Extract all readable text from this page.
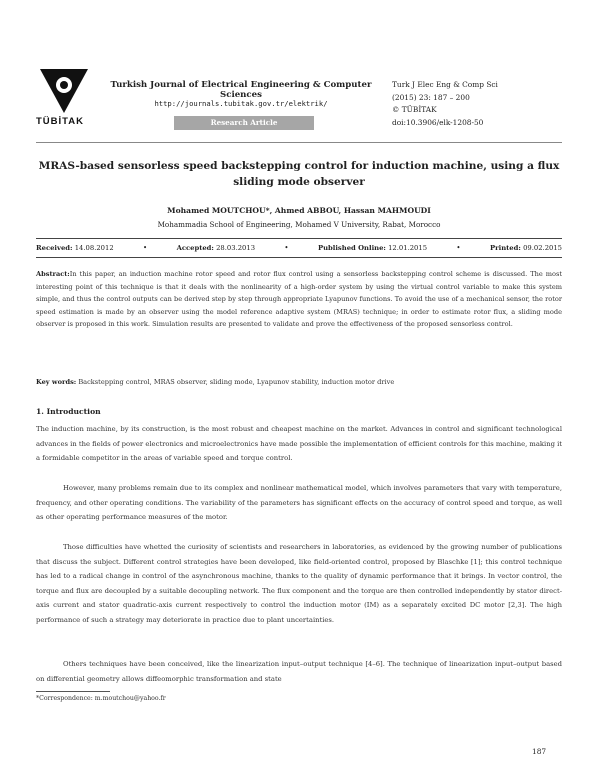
TÜBİTAK
Turkish Journal of Electrical Engineering & Computer Sciences
http://journals.tubitak.gov.tr/elektrik/
Research Article
Turk J Elec Eng & Comp Sci
(2015) 23: 187 – 200
© TÜBİTAK
doi:10.3906/elk-1208-50
MRAS-based sensorless speed backstepping control for induction machine, using a flux sliding mode observer
Mohamed MOUTCHOU*, Ahmed ABBOU, Hassan MAHMOUDI
Mohammadia School of Engineering, Mohamed V University, Rabat, Morocco
Received: 14.08.2012	•	Accepted: 28.03.2013	•	Published Online: 12.01.2015	•	Printed: 09.02.2015
Abstract:In this paper, an induction machine rotor speed and rotor flux control using a sensorless backstepping control scheme is discussed. The most interesting point of this technique is that it deals with the nonlinearity of a high-order system by using the virtual control variable to make this system simple, and thus the control outputs can be derived step by step through appropriate Lyapunov functions. To avoid the use of a mechanical sensor, the rotor speed estimation is made by an observer using the model reference adaptive system (MRAS) technique; in order to estimate rotor flux, a sliding mode observer is proposed in this work. Simulation results are presented to validate and prove the effectiveness of the proposed sensorless control.
Key words: Backstepping control, MRAS observer, sliding mode, Lyapunov stability, induction motor drive
1. Introduction
The induction machine, by its construction, is the most robust and cheapest machine on the market. Advances in control and significant technological advances in the fields of power electronics and microelectronics have made possible the implementation of efficient controls for this machine, making it a formidable competitor in the areas of variable speed and torque control.
However, many problems remain due to its complex and nonlinear mathematical model, which involves parameters that vary with temperature, frequency, and other operating conditions. The variability of the parameters has significant effects on the accuracy of control speed and torque, as well as other operating performance measures of the motor.
Those difficulties have whetted the curiosity of scientists and researchers in laboratories, as evidenced by the growing number of publications that discuss the subject. Different control strategies have been developed, like field-oriented control, proposed by Blaschke [1]; this control technique has led to a radical change in control of the asynchronous machine, thanks to the quality of dynamic performance that it brings. In vector control, the torque and flux are decoupled by a suitable decoupling network. The flux component and the torque are then controlled independently by stator direct-axis current and stator quadratic-axis current respectively to control the induction motor (IM) as a separately excited DC motor [2,3]. The high performance of such a strategy may deteriorate in practice due to plant uncertainties.
Others techniques have been conceived, like the linearization input–output technique [4–6]. The technique of linearization input–output based on differential geometry allows diffeomorphic transformation and state
*Correspondence: m.moutchou@yahoo.fr
187
